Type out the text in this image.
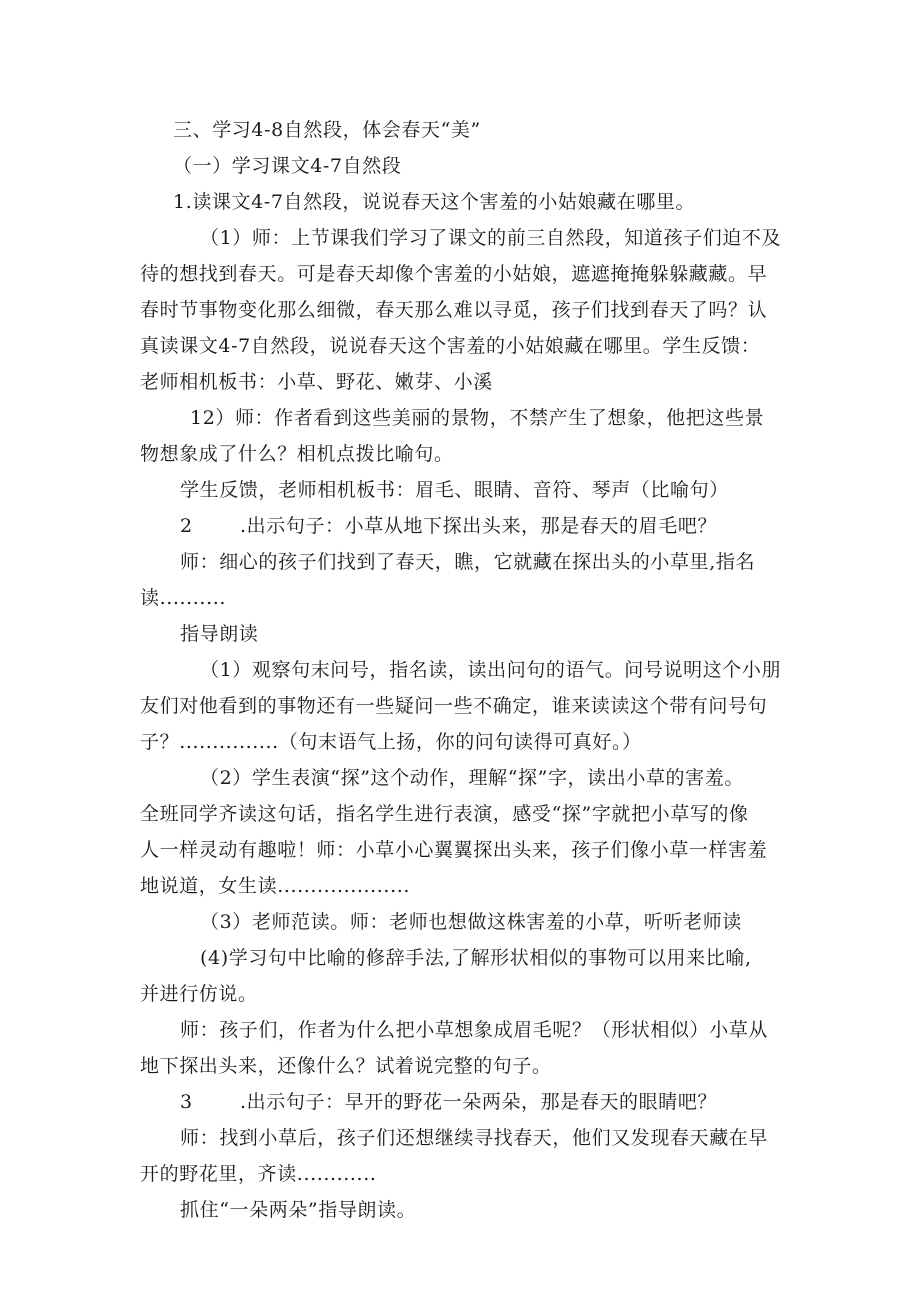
三、学习4-8自然段，体会春天“美”
（一）学习课文4-7自然段
1.读课文4-7自然段，说说春天这个害羞的小姑娘藏在哪里。
（1）师：上节课我们学习了课文的前三自然段，知道孩子们迫不及
待的想找到春天。可是春天却像个害羞的小姑娘，遮遮掩掩躲躲藏藏。早
春时节事物变化那么细微，春天那么难以寻觅，孩子们找到春天了吗？认
真读课文4-7自然段，说说春天这个害羞的小姑娘藏在哪里。学生反馈：
老师相机板书：小草、野花、嫩芽、小溪
12）师：作者看到这些美丽的景物，不禁产生了想象，他把这些景
物想象成了什么？相机点拨比喻句。
学生反馈，老师相机板书：眉毛、眼睛、音符、琴声（比喻句）
2 .出示句子：小草从地下探出头来，那是春天的眉毛吧？
师：细心的孩子们找到了春天，瞧，它就藏在探出头的小草里,指名
读..........
指导朗读
（1）观察句末问号，指名读，读出问句的语气。问号说明这个小朋
友们对他看到的事物还有一些疑问一些不确定，谁来读读这个带有问号句
子？...............（句末语气上扬，你的问句读得可真好。）
（2）学生表演“探”这个动作，理解“探”字，读出小草的害羞。
全班同学齐读这句话，指名学生进行表演，感受“探”字就把小草写的像
人一样灵动有趣啦！师：小草小心翼翼探出头来，孩子们像小草一样害羞
地说道，女生读....................
（3）老师范读。师：老师也想做这株害羞的小草，听听老师读
(4)学习句中比喻的修辞手法,了解形状相似的事物可以用来比喻,
并进行仿说。
师：孩子们，作者为什么把小草想象成眉毛呢？（形状相似）小草从
地下探出头来，还像什么？试着说完整的句子。
3 .出示句子：早开的野花一朵两朵，那是春天的眼睛吧？
师：找到小草后，孩子们还想继续寻找春天，他们又发现春天藏在早
开的野花里，齐读............
抓住“一朵两朵”指导朗读。
